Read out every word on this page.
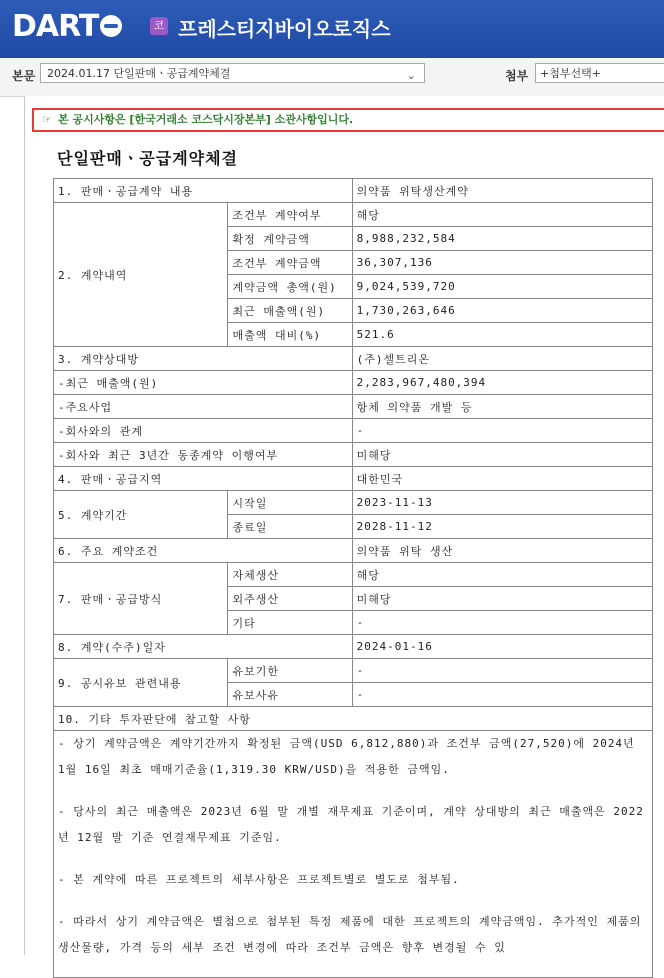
DART	코 프레스티지바이오로직스
본문	2024.01.17 단일판매ㆍ공급계약체결	⌄	첨부	+첨부선택+
☞ 본 공시사항은 [한국거래소 코스닥시장본부] 소관사항입니다.
단일판매ㆍ공급계약체결
1. 판매ㆍ공급계약 내용		의약품 위탁생산계약
2. 계약내역	조건부 계약여부	해당
	확정 계약금액	8,988,232,584
	조건부 계약금액	36,307,136
	계약금액 총액(원)	9,024,539,720
	최근 매출액(원)	1,730,263,646
	매출액 대비(%)	521.6
3. 계약상대방		(주)셀트리온
-최근 매출액(원)		2,283,967,480,394
-주요사업		항체 의약품 개발 등
-회사와의 관계		-
-회사와 최근 3년간 동종계약 이행여부		미해당
4. 판매ㆍ공급지역		대한민국
5. 계약기간	시작일	2023-11-13
	종료일	2028-11-12
6. 주요 계약조건		의약품 위탁 생산
7. 판매ㆍ공급방식	자체생산	해당
	외주생산	미해당
	기타	-
8. 계약(수주)일자		2024-01-16
9. 공시유보 관련내용	유보기한	-
	유보사유	-
10. 기타 투자판단에 참고할 사항		

- 상기 계약금액은 계약기간까지 확정된 금액(USD 6,812,880)과 조건부 금액(27,520)에 2024년 1월 16일 최초 매매기준율(1,319.30 KRW/USD)을 적용한 금액임.

- 당사의 최근 매출액은 2023년 6월 말 개별 재무제표 기준이며, 계약 상대방의 최근 매출액은 2022년 12월 말 기준 연결재무제표 기준임.

- 본 계약에 따른 프로젝트의 세부사항은 프로젝트별로 별도로 첨부됨.

- 따라서 상기 계약금액은 별첨으로 첨부된 특정 제품에 대한 프로젝트의 계약금액임. 추가적인 제품의 생산물량, 가격 등의 세부 조건 변경에 따라 조건부 금액은 향후 변경될 수 있		
